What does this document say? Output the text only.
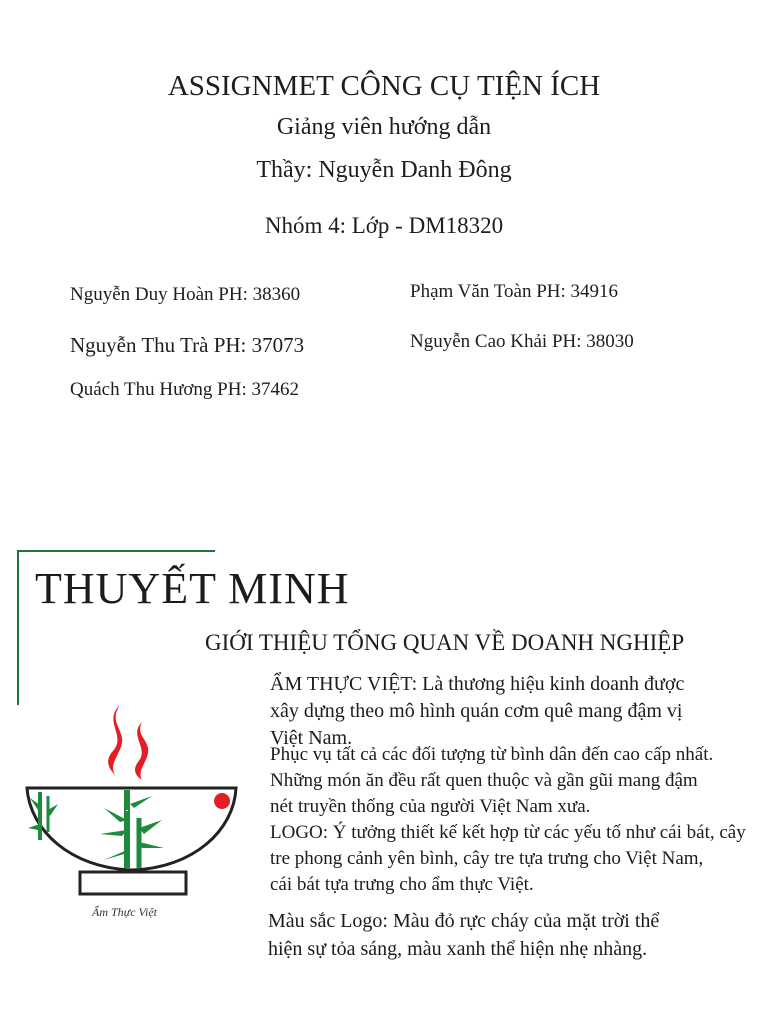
ASSIGNMET CÔNG CỤ TIỆN ÍCH
Giảng viên hướng dẫn
Thầy: Nguyễn Danh Đông
Nhóm 4: Lớp - DM18320
Nguyễn Duy Hoàn PH: 38360
Nguyễn Thu Trà PH: 37073
Quách Thu Hương PH: 37462
Phạm Văn Toàn PH: 34916
Nguyễn Cao Khải PH: 38030
THUYẾT MINH
GIỚI THIỆU TỔNG QUAN VỀ DOANH NGHIỆP
ẨM THỰC VIỆT: Là thương hiệu kinh doanh được
xây dựng theo mô hình quán cơm quê mang đậm vị
Việt Nam.
Phục vụ tất cả các đối tượng từ bình dân đến cao cấp nhất.
Những món ăn đều rất quen thuộc và gần gũi mang đậm
nét truyền thống của người Việt Nam xưa.
LOGO: Ý tưởng thiết kế kết hợp từ các yếu tố như cái bát, cây
tre phong cảnh yên bình, cây tre tựa trưng cho Việt Nam,
cái bát tựa trưng cho ẩm thực Việt.
Màu sắc Logo: Màu đỏ rực cháy của mặt trời thể
hiện sự tỏa sáng, màu xanh thể hiện nhẹ nhàng.
Ẩm Thực Việt
